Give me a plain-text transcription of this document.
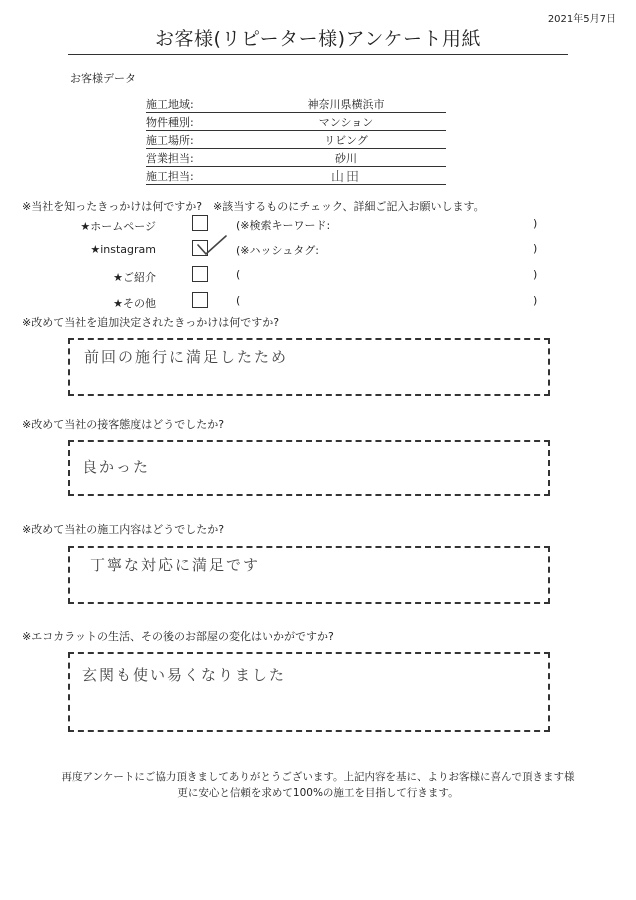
2021年5月7日
お客様(リピーター様)アンケート用紙
お客様データ
施工地域:	神奈川県横浜市
物件種別:	マンション
施工場所:	リビング
営業担当:	砂川
施工担当:	山田
※当社を知ったきっかけは何ですか?　※該当するものにチェック、詳細ご記入お願いします。
★ホームページ	(※検索キーワード:	)
★instagram	(※ハッシュタグ:	)
★ご紹介	(	)
★その他	(	)
※改めて当社を追加決定されたきっかけは何ですか?
前回の施行に満足したため
※改めて当社の接客態度はどうでしたか?
良かった
※改めて当社の施工内容はどうでしたか?
丁寧な対応に満足です
※エコカラットの生活、その後のお部屋の変化はいかがですか?
玄関も使い易くなりました
再度アンケートにご協力頂きましてありがとうございます。上記内容を基に、よりお客様に喜んで頂きます様
更に安心と信頼を求めて100%の施工を目指して行きます。
